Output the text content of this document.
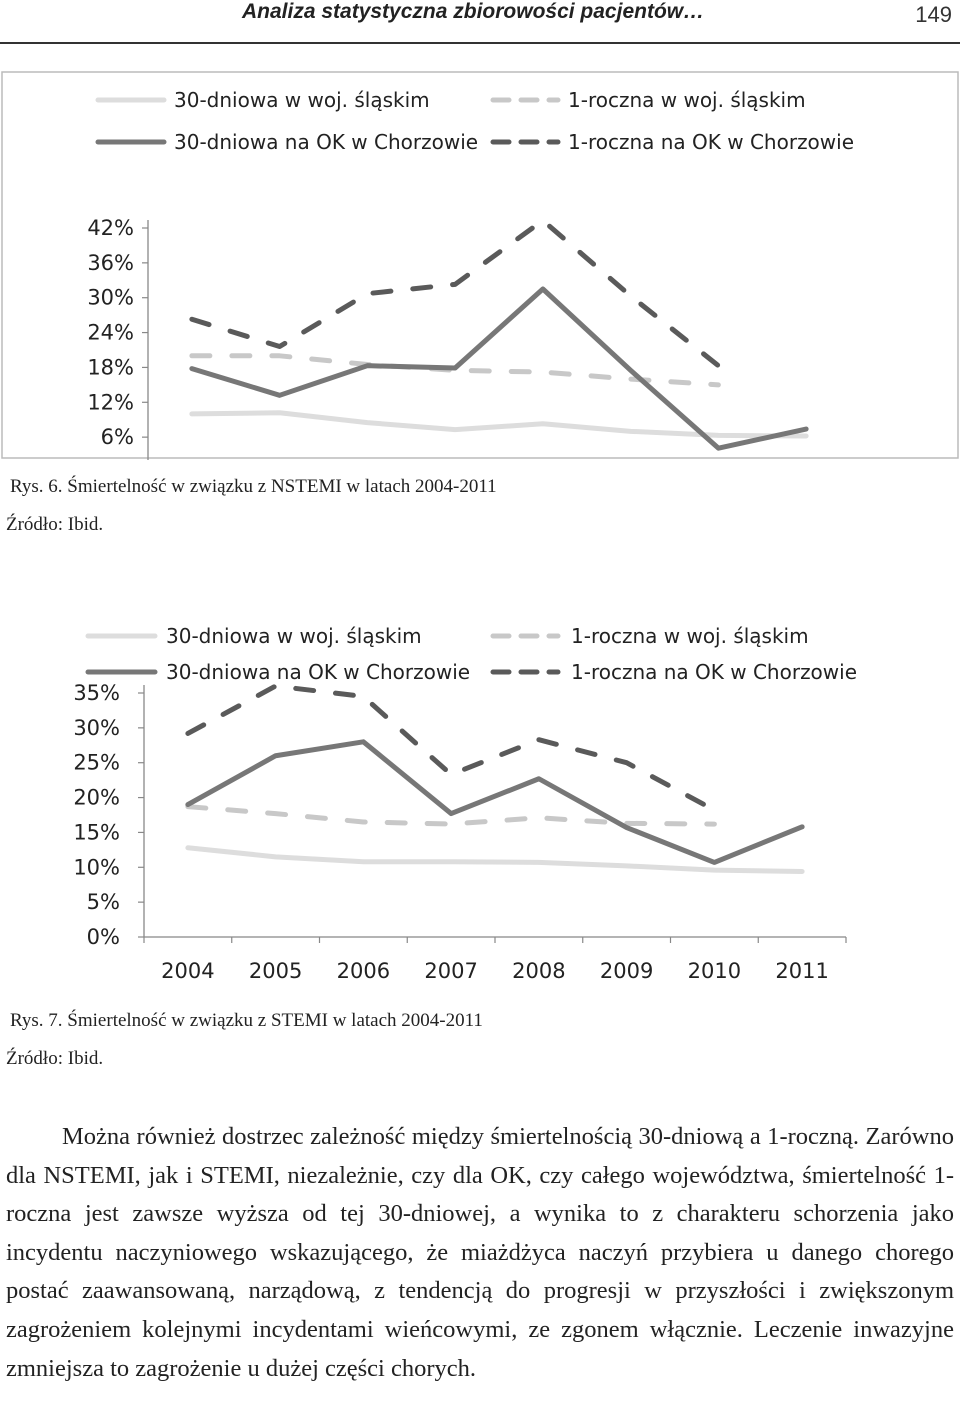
Analiza statystyczna zbiorowości pacjentów…	149
6%
12%
18%
24%
30%
36%
42%
30-dniowa w woj. śląskim	1-roczna w woj. śląskim
30-dniowa na OK w Chorzowie	1-roczna na OK w Chorzowie
Rys. 6. Śmiertelność w związku z NSTEMI w latach 2004-2011
Źródło: Ibid.
0%
5%
10%
15%
20%
25%
30%
35%
2004 2005 2006 2007 2008 2009 2010 2011
30-dniowa w woj. śląskim	1-roczna w woj. śląskim
30-dniowa na OK w Chorzowie	1-roczna na OK w Chorzowie
Rys. 7. Śmiertelność w związku z STEMI w latach 2004-2011
Źródło: Ibid.

Można również dostrzec zależność między śmiertelnością 30-dniową a 1-roczną. Zarówno dla NSTEMI, jak i STEMI, niezależnie, czy dla OK, czy całego województwa, śmiertelność 1-roczna jest zawsze wyższa od tej 30-dniowej, a wynika to z charakteru schorzenia jako incydentu naczyniowego wskazującego, że miażdżyca naczyń przybiera u danego chorego postać zaawansowaną, narządową, z tendencją do progresji w przyszłości i zwiększonym zagrożeniem kolejnymi incydentami wieńcowymi, ze zgonem włącznie. Leczenie inwazyjne zmniejsza to zagrożenie u dużej części chorych.
